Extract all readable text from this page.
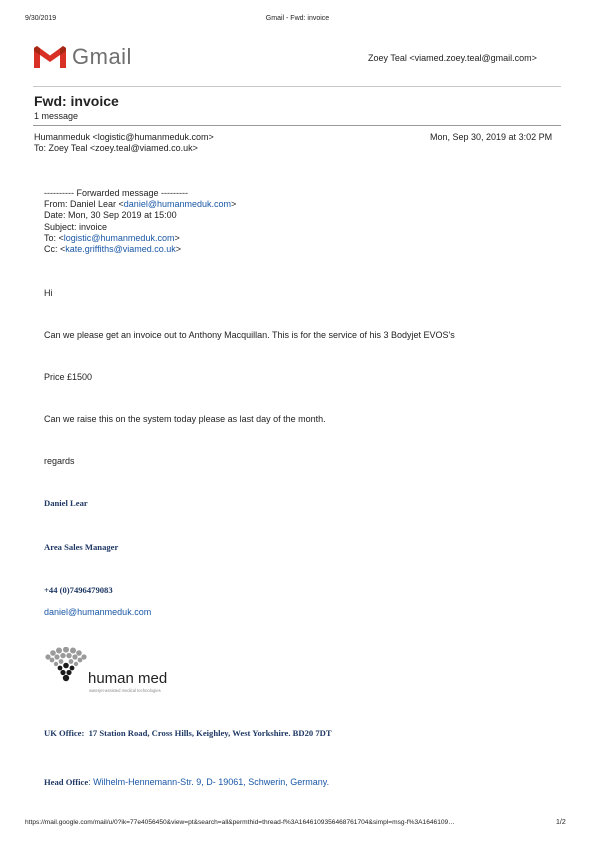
9/30/2019	Gmail - Fwd: invoice
Gmail	Zoey Teal <viamed.zoey.teal@gmail.com>
Fwd: invoice
1 message
Humanmeduk <logistic@humanmeduk.com>	Mon, Sep 30, 2019 at 3:02 PM
To: Zoey Teal <zoey.teal@viamed.co.uk>
---------- Forwarded message ---------
From: Daniel Lear <daniel@humanmeduk.com>
Date: Mon, 30 Sep 2019 at 15:00
Subject: invoice
To: <logistic@humanmeduk.com>
Cc: <kate.griffiths@viamed.co.uk>
Hi
Can we please get an invoice out to Anthony Macquillan. This is for the service of his 3 Bodyjet EVOS's
Price £1500
Can we raise this on the system today please as last day of the month.
regards
Daniel Lear
Area Sales Manager
+44 (0)7496479083
daniel@humanmeduk.com
human med
waterjet-assisted medical technologies
UK Office: 17 Station Road, Cross Hills, Keighley, West Yorkshire. BD20 7DT
Head Office: Wilhelm-Hennemann-Str. 9, D- 19061, Schwerin, Germany.
https://mail.google.com/mail/u/0?ik=77e4056450&view=pt&search=all&permthid=thread-f%3A1646109356468761704&simpl=msg-f%3A1646109…	1/2
